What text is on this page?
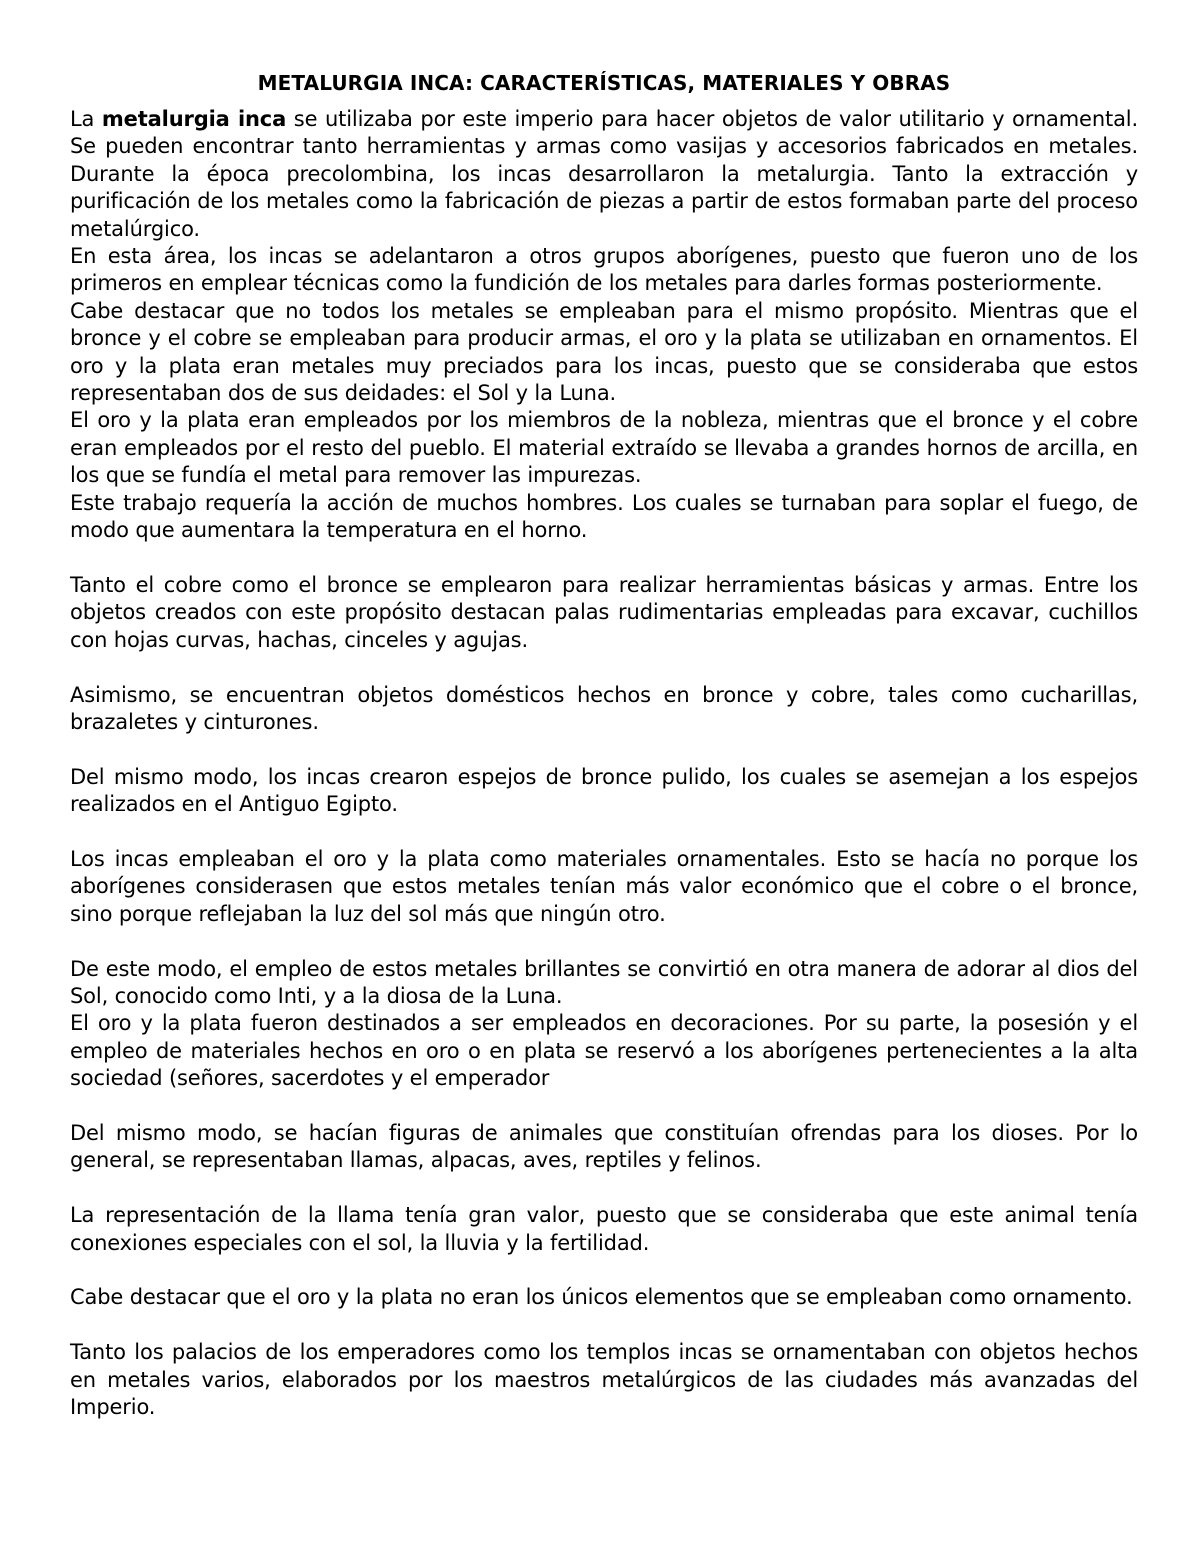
METALURGIA INCA: CARACTERÍSTICAS, MATERIALES Y OBRAS

La metalurgia inca se utilizaba por este imperio para hacer objetos de valor utilitario y ornamental. Se pueden encontrar tanto herramientas y armas como vasijas y accesorios fabricados en metales. Durante la época precolombina, los incas desarrollaron la metalurgia. Tanto la extracción y purificación de los metales como la fabricación de piezas a partir de estos formaban parte del proceso metalúrgico.

En esta área, los incas se adelantaron a otros grupos aborígenes, puesto que fueron uno de los primeros en emplear técnicas como la fundición de los metales para darles formas posteriormente.

Cabe destacar que no todos los metales se empleaban para el mismo propósito. Mientras que el bronce y el cobre se empleaban para producir armas, el oro y la plata se utilizaban en ornamentos. El oro y la plata eran metales muy preciados para los incas, puesto que se consideraba que estos representaban dos de sus deidades: el Sol y la Luna.

El oro y la plata eran empleados por los miembros de la nobleza, mientras que el bronce y el cobre eran empleados por el resto del pueblo. El material extraído se llevaba a grandes hornos de arcilla, en los que se fundía el metal para remover las impurezas.

Este trabajo requería la acción de muchos hombres. Los cuales se turnaban para soplar el fuego, de modo que aumentara la temperatura en el horno.

Tanto el cobre como el bronce se emplearon para realizar herramientas básicas y armas. Entre los objetos creados con este propósito destacan palas rudimentarias empleadas para excavar, cuchillos con hojas curvas, hachas, cinceles y agujas.

Asimismo, se encuentran objetos domésticos hechos en bronce y cobre, tales como cucharillas, brazaletes y cinturones.

Del mismo modo, los incas crearon espejos de bronce pulido, los cuales se asemejan a los espejos realizados en el Antiguo Egipto.

Los incas empleaban el oro y la plata como materiales ornamentales. Esto se hacía no porque los aborígenes considerasen que estos metales tenían más valor económico que el cobre o el bronce, sino porque reflejaban la luz del sol más que ningún otro.

De este modo, el empleo de estos metales brillantes se convirtió en otra manera de adorar al dios del Sol, conocido como Inti, y a la diosa de la Luna.

El oro y la plata fueron destinados a ser empleados en decoraciones. Por su parte, la posesión y el empleo de materiales hechos en oro o en plata se reservó a los aborígenes pertenecientes a la alta sociedad (señores, sacerdotes y el emperador

Del mismo modo, se hacían figuras de animales que constituían ofrendas para los dioses. Por lo general, se representaban llamas, alpacas, aves, reptiles y felinos.

La representación de la llama tenía gran valor, puesto que se consideraba que este animal tenía conexiones especiales con el sol, la lluvia y la fertilidad.

Cabe destacar que el oro y la plata no eran los únicos elementos que se empleaban como ornamento.

Tanto los palacios de los emperadores como los templos incas se ornamentaban con objetos hechos en metales varios, elaborados por los maestros metalúrgicos de las ciudades más avanzadas del Imperio.
